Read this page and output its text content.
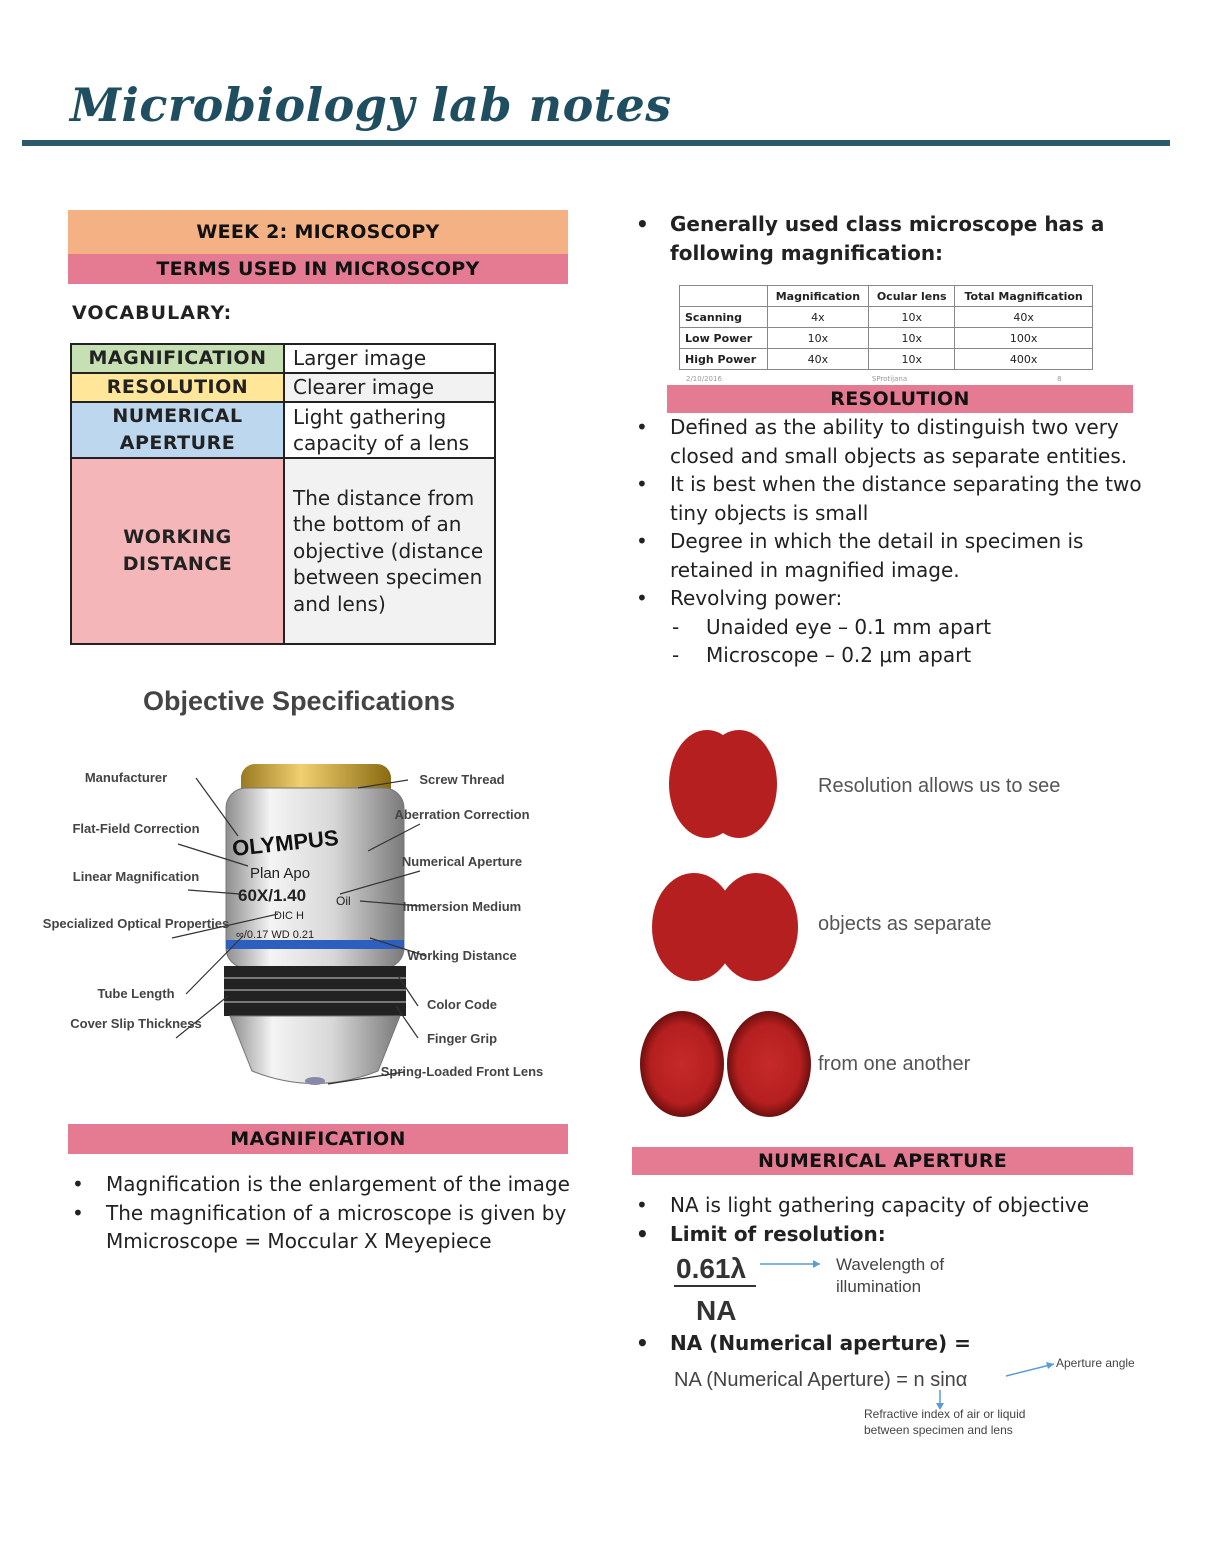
Microbiology lab notes
WEEK 2: MICROSCOPY
TERMS USED IN MICROSCOPY
VOCABULARY:
MAGNIFICATION	Larger image
RESOLUTION	Clearer image
NUMERICAL APERTURE	Light gathering capacity of a lens
WORKING DISTANCE	The distance from the bottom of an objective (distance between specimen and lens)
Objective Specifications
OLYMPUS
Plan Apo
60X/1.40 Oil
DIC H
∞/0.17 WD 0.21
Manufacturer
Flat-Field Correction
Linear Magnification
Specialized Optical Properties
Tube Length
Cover Slip Thickness
Screw Thread
Aberration Correction
Numerical Aperture
Immersion Medium
Working Distance
Color Code
Finger Grip
Spring-Loaded Front Lens
MAGNIFICATION
• Magnification is the enlargement of the image
• The magnification of a microscope is given by
Mmicroscope = Moccular X Meyepiece
• Generally used class microscope has a following magnification:
	Magnification	Ocular lens	Total Magnification
Scanning	4x	10x	40x
Low Power	10x	10x	100x
High Power	40x	10x	400x
2/10/2016	SProtijana	8
RESOLUTION
• Defined as the ability to distinguish two very closed and small objects as separate entities.
• It is best when the distance separating the two tiny objects is small
• Degree in which the detail in specimen is retained in magnified image.
• Revolving power:
- Unaided eye – 0.1 mm apart
- Microscope – 0.2 μm apart
Resolution allows us to see
objects as separate
from one another
NUMERICAL APERTURE
• NA is light gathering capacity of objective
• Limit of resolution:
0.61λ
NA
Wavelength of
illumination
• NA (Numerical aperture) =
NA (Numerical Aperture) = n sinα
Aperture angle
Refractive index of air or liquid
between specimen and lens
